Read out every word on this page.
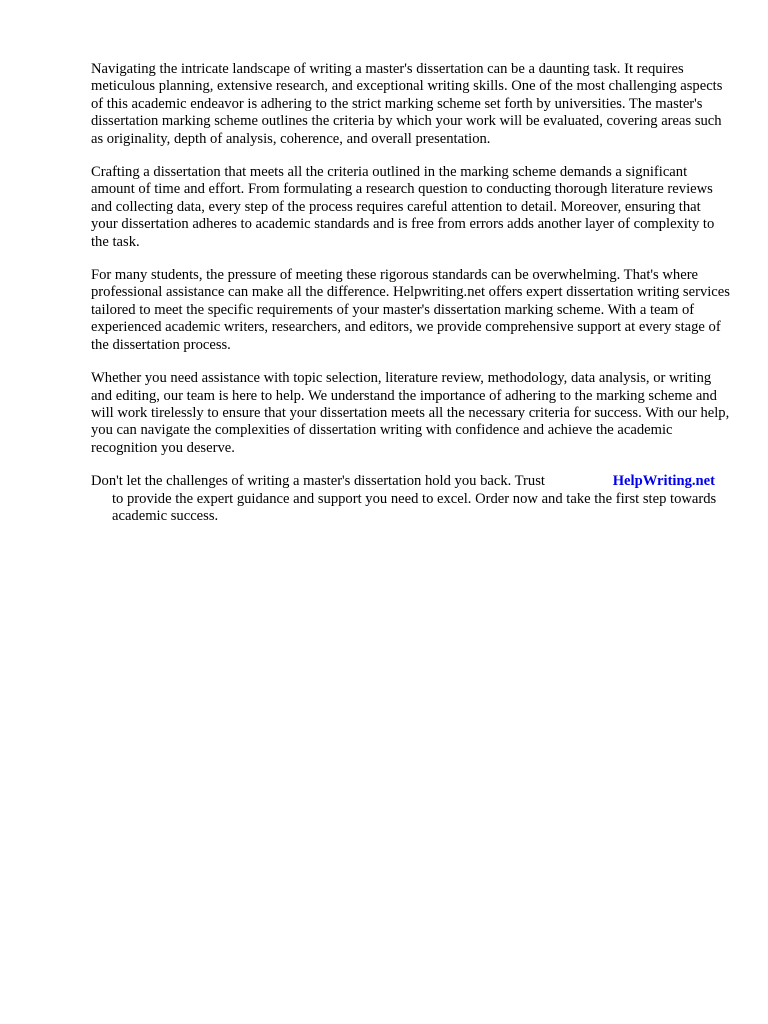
Navigating the intricate landscape of writing a master's dissertation can be a daunting task. It requires meticulous planning, extensive research, and exceptional writing skills. One of the most challenging aspects of this academic endeavor is adhering to the strict marking scheme set forth by universities. The master's dissertation marking scheme outlines the criteria by which your work will be evaluated, covering areas such as originality, depth of analysis, coherence, and overall presentation.

Crafting a dissertation that meets all the criteria outlined in the marking scheme demands a significant amount of time and effort. From formulating a research question to conducting thorough literature reviews and collecting data, every step of the process requires careful attention to detail. Moreover, ensuring that your dissertation adheres to academic standards and is free from errors adds another layer of complexity to the task.

For many students, the pressure of meeting these rigorous standards can be overwhelming. That's where professional assistance can make all the difference. Helpwriting.net offers expert dissertation writing services tailored to meet the specific requirements of your master's dissertation marking scheme. With a team of experienced academic writers, researchers, and editors, we provide comprehensive support at every stage of the dissertation process.

Whether you need assistance with topic selection, literature review, methodology, data analysis, or writing and editing, our team is here to help. We understand the importance of adhering to the marking scheme and will work tirelessly to ensure that your dissertation meets all the necessary criteria for success. With our help, you can navigate the complexities of dissertation writing with confidence and achieve the academic recognition you deserve.

Don't let the challenges of writing a master's dissertation hold you back. Trust	HelpWriting.net
to provide the expert guidance and support you need to excel. Order now and take the first step towards academic success.
